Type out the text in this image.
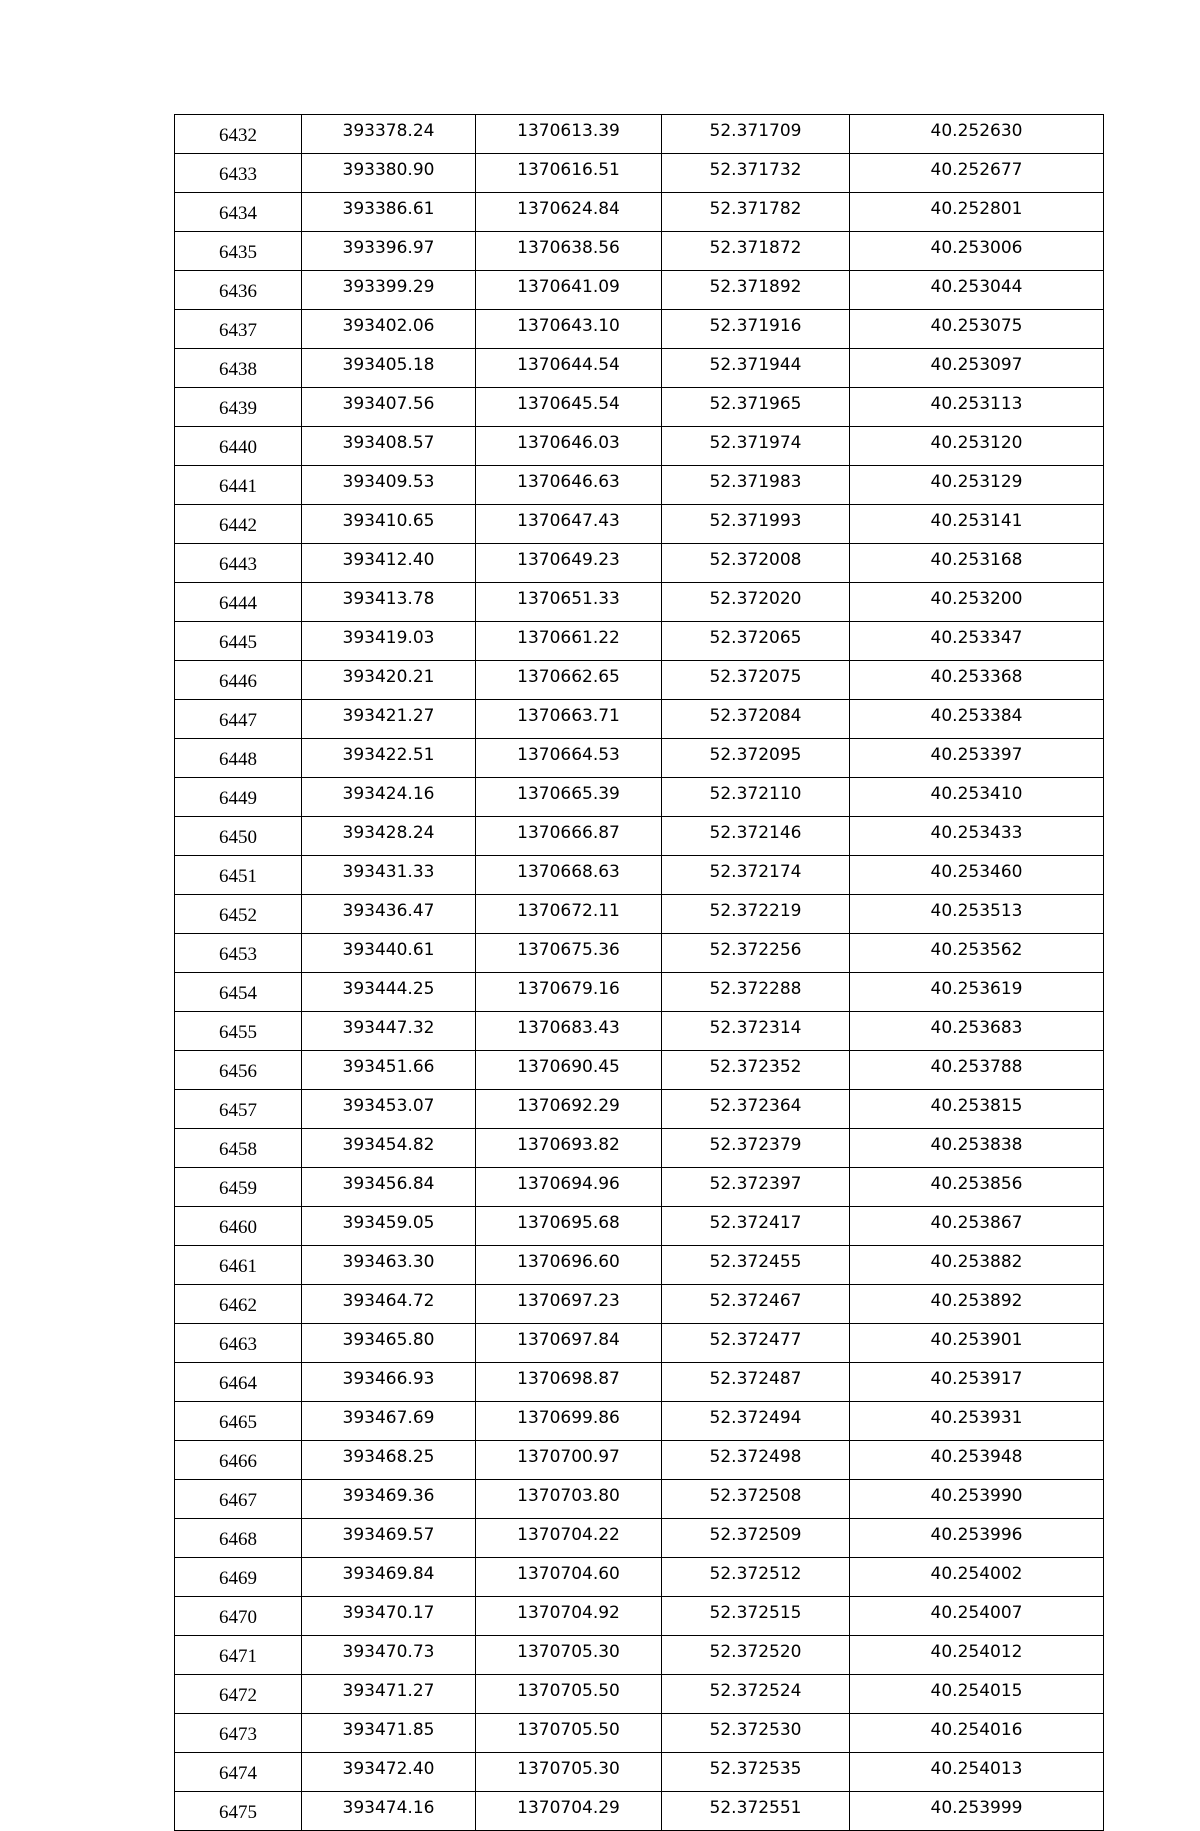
6432	393378.24	1370613.39	52.371709	40.252630
6433	393380.90	1370616.51	52.371732	40.252677
6434	393386.61	1370624.84	52.371782	40.252801
6435	393396.97	1370638.56	52.371872	40.253006
6436	393399.29	1370641.09	52.371892	40.253044
6437	393402.06	1370643.10	52.371916	40.253075
6438	393405.18	1370644.54	52.371944	40.253097
6439	393407.56	1370645.54	52.371965	40.253113
6440	393408.57	1370646.03	52.371974	40.253120
6441	393409.53	1370646.63	52.371983	40.253129
6442	393410.65	1370647.43	52.371993	40.253141
6443	393412.40	1370649.23	52.372008	40.253168
6444	393413.78	1370651.33	52.372020	40.253200
6445	393419.03	1370661.22	52.372065	40.253347
6446	393420.21	1370662.65	52.372075	40.253368
6447	393421.27	1370663.71	52.372084	40.253384
6448	393422.51	1370664.53	52.372095	40.253397
6449	393424.16	1370665.39	52.372110	40.253410
6450	393428.24	1370666.87	52.372146	40.253433
6451	393431.33	1370668.63	52.372174	40.253460
6452	393436.47	1370672.11	52.372219	40.253513
6453	393440.61	1370675.36	52.372256	40.253562
6454	393444.25	1370679.16	52.372288	40.253619
6455	393447.32	1370683.43	52.372314	40.253683
6456	393451.66	1370690.45	52.372352	40.253788
6457	393453.07	1370692.29	52.372364	40.253815
6458	393454.82	1370693.82	52.372379	40.253838
6459	393456.84	1370694.96	52.372397	40.253856
6460	393459.05	1370695.68	52.372417	40.253867
6461	393463.30	1370696.60	52.372455	40.253882
6462	393464.72	1370697.23	52.372467	40.253892
6463	393465.80	1370697.84	52.372477	40.253901
6464	393466.93	1370698.87	52.372487	40.253917
6465	393467.69	1370699.86	52.372494	40.253931
6466	393468.25	1370700.97	52.372498	40.253948
6467	393469.36	1370703.80	52.372508	40.253990
6468	393469.57	1370704.22	52.372509	40.253996
6469	393469.84	1370704.60	52.372512	40.254002
6470	393470.17	1370704.92	52.372515	40.254007
6471	393470.73	1370705.30	52.372520	40.254012
6472	393471.27	1370705.50	52.372524	40.254015
6473	393471.85	1370705.50	52.372530	40.254016
6474	393472.40	1370705.30	52.372535	40.254013
6475	393474.16	1370704.29	52.372551	40.253999
